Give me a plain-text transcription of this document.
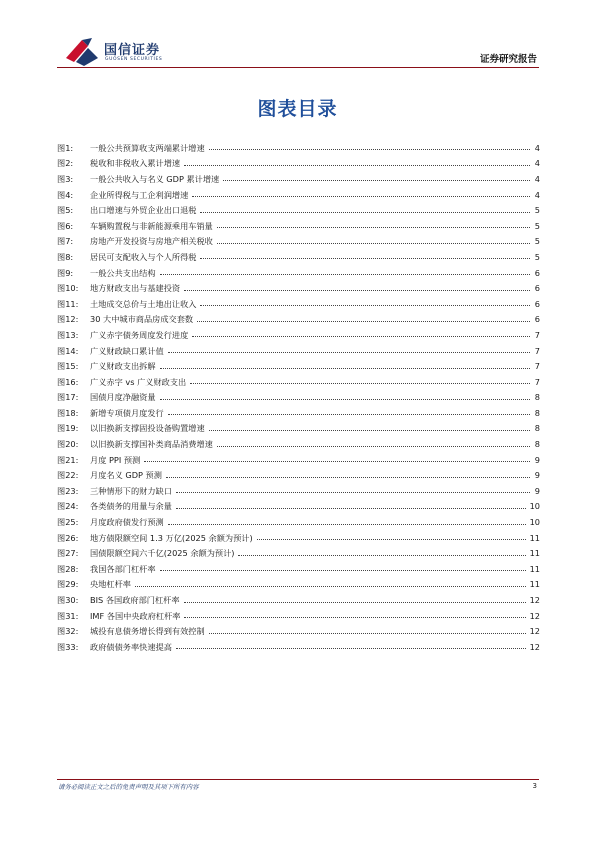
国信证券
GUOSEN SECURITIES	证券研究报告
图表目录
图1:	一般公共预算收支两端累计增速	4
图2:	税收和非税收入累计增速	4
图3:	一般公共收入与名义 GDP 累计增速	4
图4:	企业所得税与工企利润增速	4
图5:	出口增速与外贸企业出口退税	5
图6:	车辆购置税与非新能源乘用车销量	5
图7:	房地产开发投资与房地产相关税收	5
图8:	居民可支配收入与个人所得税	5
图9:	一般公共支出结构	6
图10:	地方财政支出与基建投资	6
图11:	土地成交总价与土地出让收入	6
图12:	30 大中城市商品房成交套数	6
图13:	广义赤字债务周度发行进度	7
图14:	广义财政缺口累计值	7
图15:	广义财政支出拆解	7
图16:	广义赤字 vs 广义财政支出	7
图17:	国债月度净融资量	8
图18:	新增专项债月度发行	8
图19:	以旧换新支撑固投设备购置增速	8
图20:	以旧换新支撑国补类商品消费增速	8
图21:	月度 PPI 预测	9
图22:	月度名义 GDP 预测	9
图23:	三种情形下的财力缺口	9
图24:	各类债务的用量与余量	10
图25:	月度政府债发行预测	10
图26:	地方债限额空间 1.3 万亿(2025 余额为预计)	11
图27:	国债限额空间六千亿(2025 余额为预计)	11
图28:	我国各部门杠杆率	11
图29:	央地杠杆率	11
图30:	BIS 各国政府部门杠杆率	12
图31:	IMF 各国中央政府杠杆率	12
图32:	城投有息债务增长得到有效控制	12
图33:	政府债债务率快速提高	12
请务必阅读正文之后的免责声明及其项下所有内容	3
